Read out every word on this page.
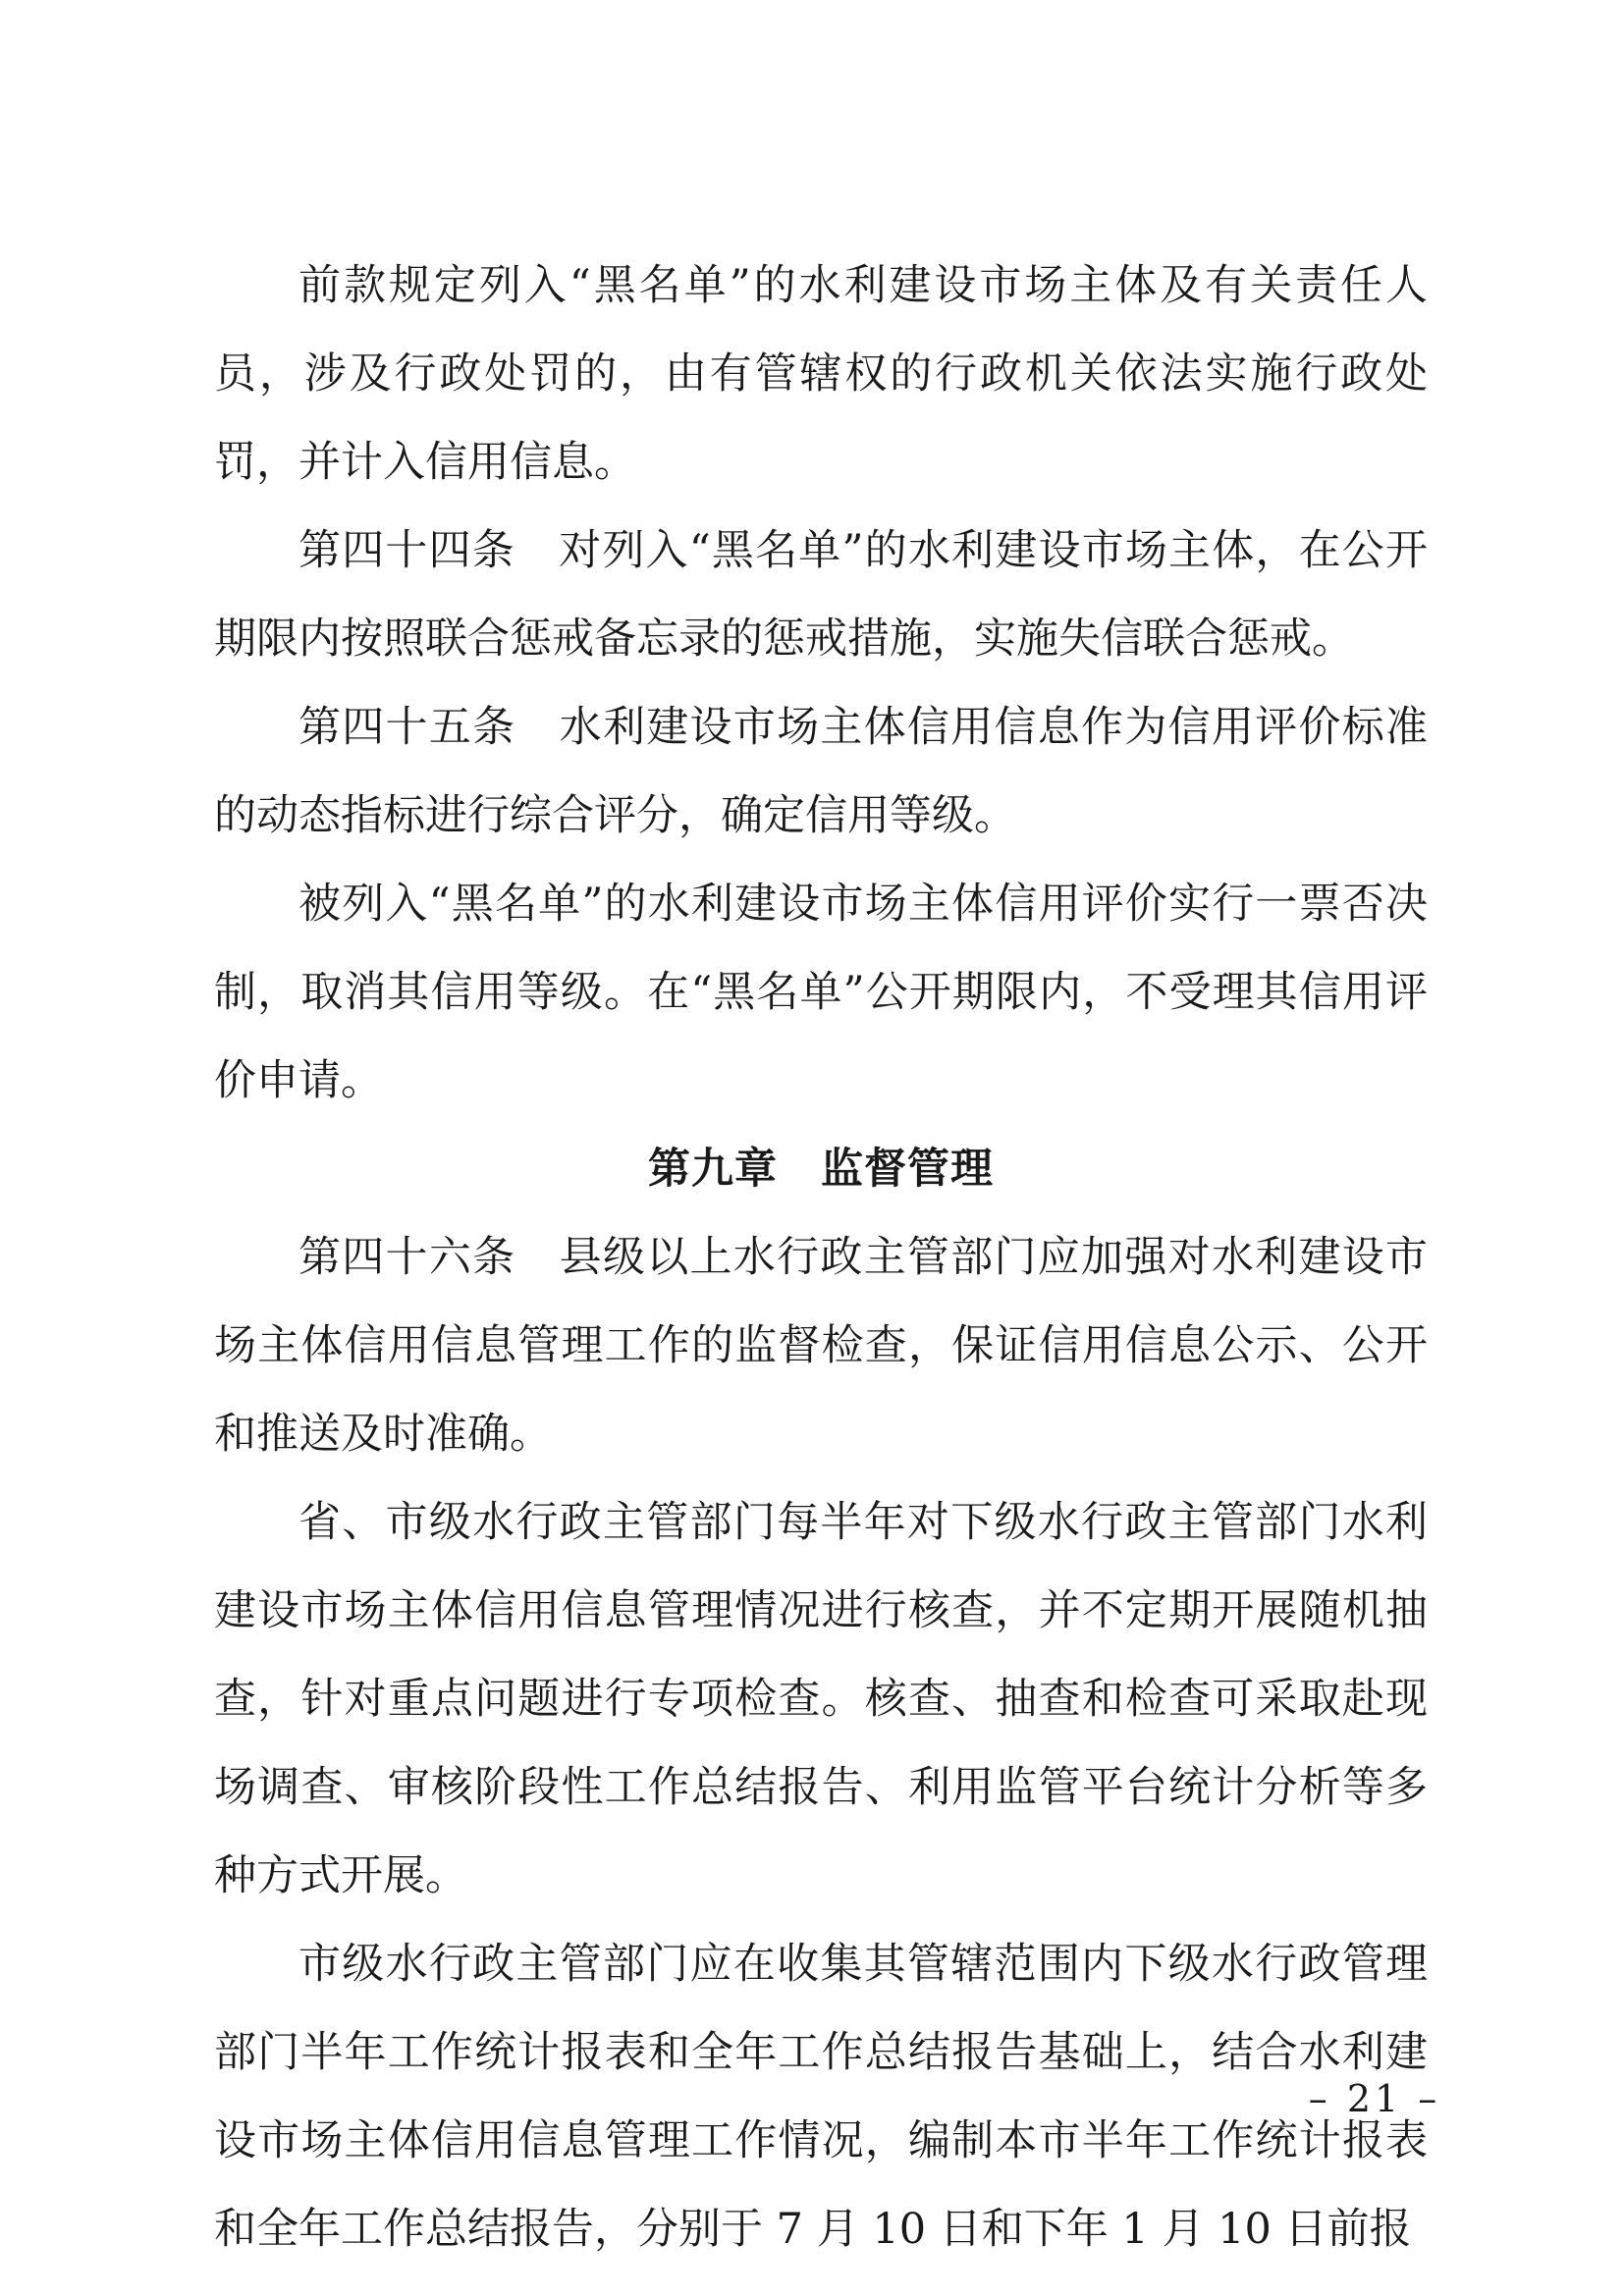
前款规定列入“黑名单”的水利建设市场主体及有关责任人员，涉及行政处罚的，由有管辖权的行政机关依法实施行政处罚，并计入信用信息。

第四十四条　对列入“黑名单”的水利建设市场主体，在公开期限内按照联合惩戒备忘录的惩戒措施，实施失信联合惩戒。

第四十五条　水利建设市场主体信用信息作为信用评价标准的动态指标进行综合评分，确定信用等级。

被列入“黑名单”的水利建设市场主体信用评价实行一票否决制，取消其信用等级。在“黑名单”公开期限内，不受理其信用评价申请。

第九章　监督管理

第四十六条　县级以上水行政主管部门应加强对水利建设市场主体信用信息管理工作的监督检查，保证信用信息公示、公开和推送及时准确。

省、市级水行政主管部门每半年对下级水行政主管部门水利建设市场主体信用信息管理情况进行核查，并不定期开展随机抽查，针对重点问题进行专项检查。核查、抽查和检查可采取赴现场调查、审核阶段性工作总结报告、利用监管平台统计分析等多种方式开展。

市级水行政主管部门应在收集其管辖范围内下级水行政管理部门半年工作统计报表和全年工作总结报告基础上，结合水利建设市场主体信用信息管理工作情况，编制本市半年工作统计报表和全年工作总结报告，分别于 7 月 10 日和下年 1 月 10 日前报

– 21 –
